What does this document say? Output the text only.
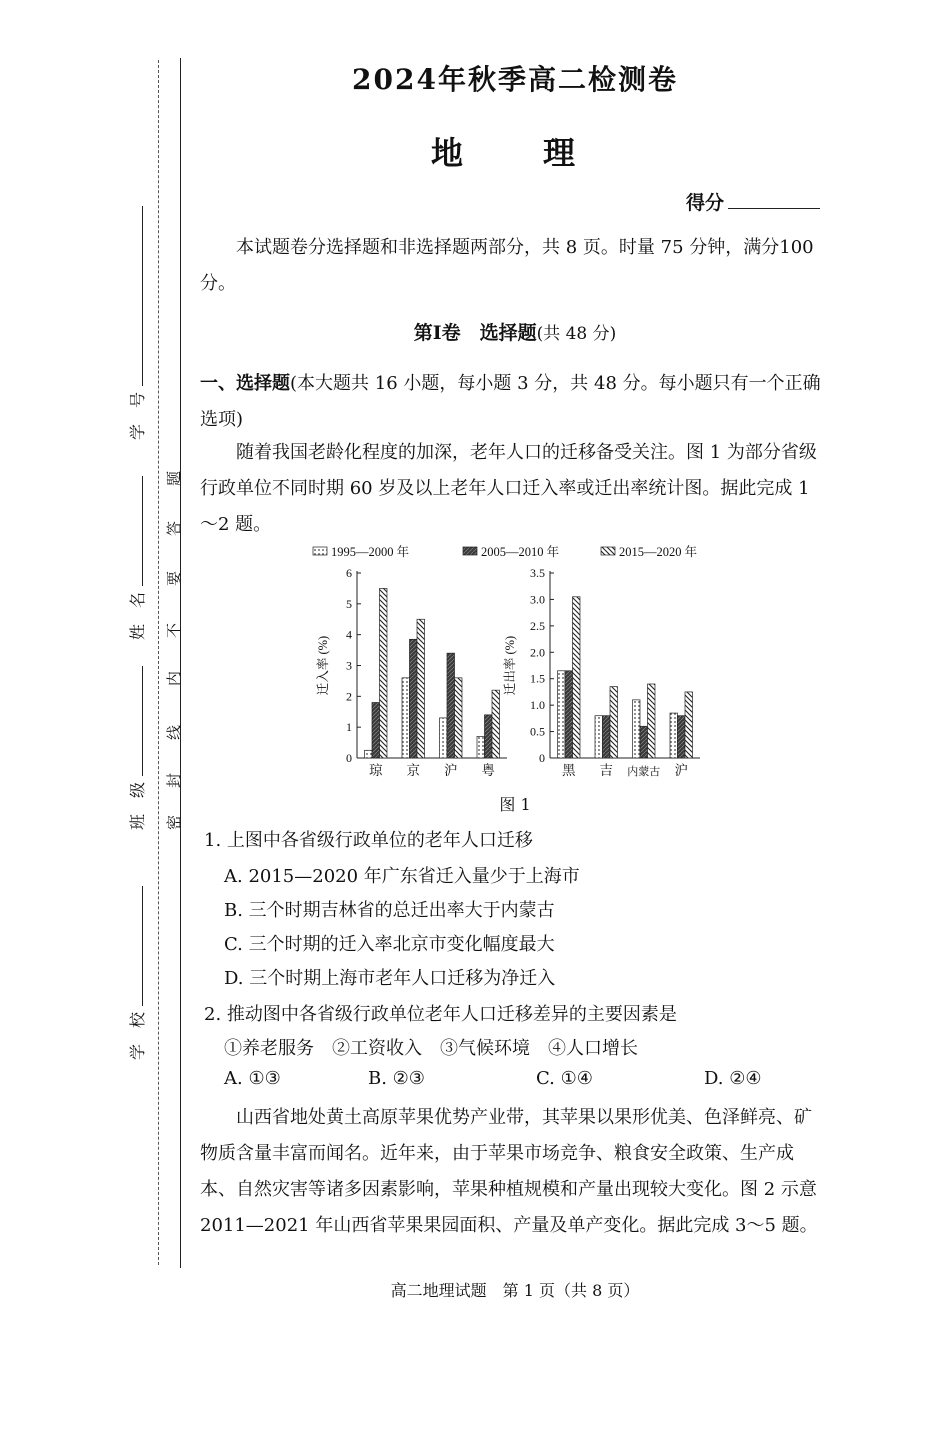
学　校
班　级
姓　名
学　号
密
封
线
内
不
要
答
题
2024年秋季高二检测卷
地　理
得分
本试题卷分选择题和非选择题两部分，共 8 页。时量 75 分钟，满分100 分。
第Ⅰ卷　选择题(共 48 分)
一、选择题(本大题共 16 小题，每小题 3 分，共 48 分。每小题只有一个正确选项)
随着我国老龄化程度的加深，老年人口的迁移备受关注。图 1 为部分省级行政单位不同时期 60 岁及以上老年人口迁入率或迁出率统计图。据此完成 1～2 题。
1995—2000 年	2005—2010 年	2015—2020 年
0
1
2
3
4
5
6
迁入率 (%)
琼 京 沪 粤
0
0.5
1.0
1.5
2.0
2.5
3.0
3.5
迁出率 (%)
黑 吉 内蒙古 沪
图 1
1. 上图中各省级行政单位的老年人口迁移
A. 2015—2020 年广东省迁入量少于上海市
B. 三个时期吉林省的总迁出率大于内蒙古
C. 三个时期的迁入率北京市变化幅度最大
D. 三个时期上海市老年人口迁移为净迁入
2. 推动图中各省级行政单位老年人口迁移差异的主要因素是
①养老服务　②工资收入　③气候环境　④人口增长
A. ①③	B. ②③	C. ①④	D. ②④
山西省地处黄土高原苹果优势产业带，其苹果以果形优美、色泽鲜亮、矿物质含量丰富而闻名。近年来，由于苹果市场竞争、粮食安全政策、生产成本、自然灾害等诸多因素影响，苹果种植规模和产量出现较大变化。图 2 示意 2011—2021 年山西省苹果果园面积、产量及单产变化。据此完成 3～5 题。
高二地理试题　第 1 页（共 8 页）
